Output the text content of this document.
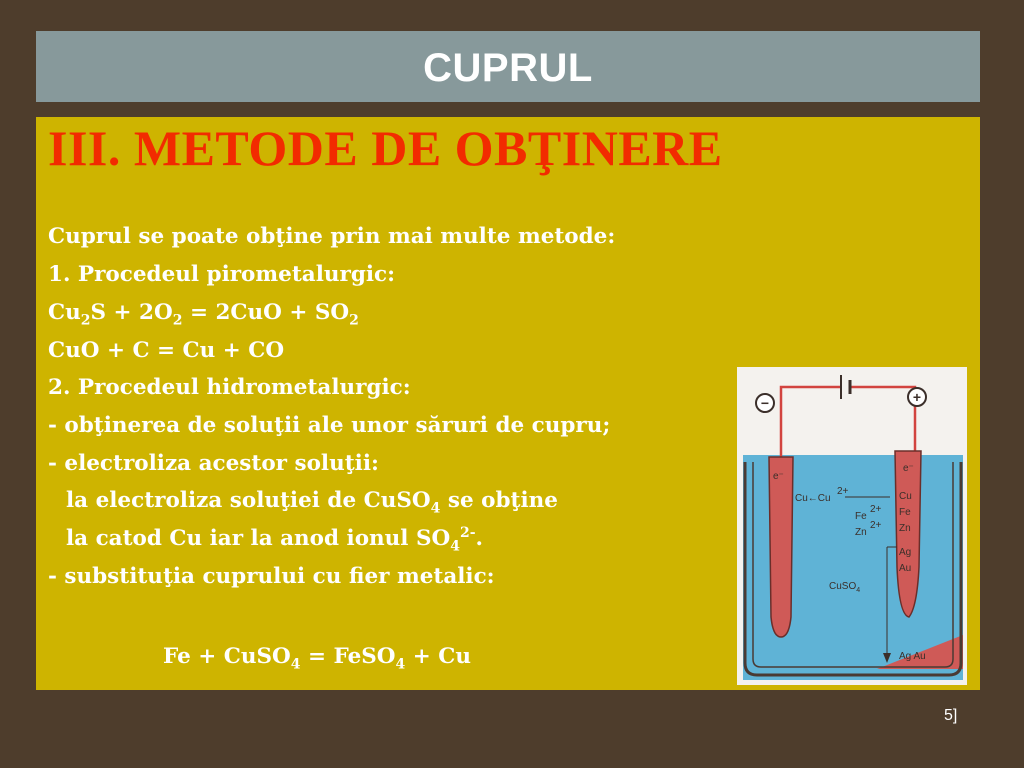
CUPRUL
III. METODE DE OBŢINERE

Cuprul se poate obţine prin mai multe metode:

1. Procedeul pirometalurgic:

$Cu_2S + 2O_2 = 2CuO + SO_2$

CuO + C = Cu + CO

2. Procedeul hidrometalurgic:

- obţinerea de soluţii ale unor săruri de cupru;

- electroliza acestor soluţii:

la electroliza soluţiei de CuSO$_4$ se obţine

la catod Cu iar la anod ionul $SO_4^{2-}$.

- substituţia cuprului cu fier metalic:

Fe + CuSO$_4$ = FeSO$_4$ + Cu

−	+
e⁻
e⁻
Cu←Cu
2+
Fe
2+
Zn
2+
Cu
Fe
Zn
Ag
Au
CuSO$_4$
Ag Au
5]
